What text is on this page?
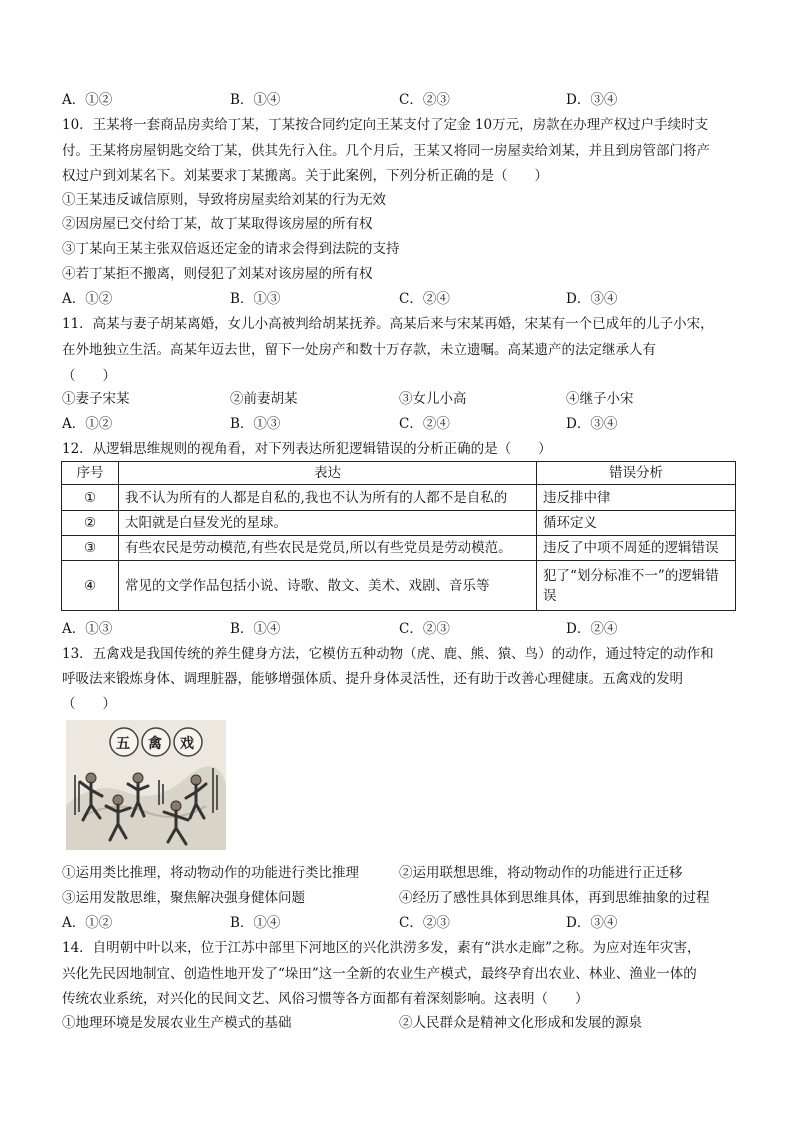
A．①②	B．①④	C．②③	D．③④
10．王某将一套商品房卖给丁某，丁某按合同约定向王某支付了定金 10万元，房款在办理产权过户手续时支
付。王某将房屋钥匙交给丁某，供其先行入住。几个月后，王某又将同一房屋卖给刘某，并且到房管部门将产
权过户到刘某名下。刘某要求丁某搬离。关于此案例，下列分析正确的是（　　）
①王某违反诚信原则，导致将房屋卖给刘某的行为无效
②因房屋已交付给丁某，故丁某取得该房屋的所有权
③丁某向王某主张双倍返还定金的请求会得到法院的支持
④若丁某拒不搬离，则侵犯了刘某对该房屋的所有权
A．①②	B．①③	C．②④	D．③④
11．高某与妻子胡某离婚，女儿小高被判给胡某抚养。高某后来与宋某再婚，宋某有一个已成年的儿子小宋，
在外地独立生活。高某年迈去世，留下一处房产和数十万存款，未立遗嘱。高某遗产的法定继承人有
（　　）
①妻子宋某	②前妻胡某	③女儿小高	④继子小宋
A．①②	B．①③	C．②④	D．③④
12．从逻辑思维规则的视角看，对下列表达所犯逻辑错误的分析正确的是（　　）
序号	表达	错误分析
①	我不认为所有的人都是自私的,我也不认为所有的人都不是自私的	违反排中律
②	太阳就是白昼发光的星球。	循环定义
③	有些农民是劳动模范,有些农民是党员,所以有些党员是劳动模范。	违反了中项不周延的逻辑错误
④	常见的文学作品包括小说、诗歌、散文、美术、戏剧、音乐等	犯了“划分标准不一”的逻辑错
误
A．①③	B．①④	C．②③	D．②④
13．五禽戏是我国传统的养生健身方法，它模仿五种动物（虎、鹿、熊、猿、鸟）的动作，通过特定的动作和
呼吸法来锻炼身体、调理脏器，能够增强体质、提升身体灵活性，还有助于改善心理健康。五禽戏的发明
（　　）
五 禽 戏
①运用类比推理，将动物动作的功能进行类比推理	②运用联想思维，将动物动作的功能进行正迁移
③运用发散思维，聚焦解决强身健体问题	④经历了感性具体到思维具体，再到思维抽象的过程
A．①②	B．①④	C．②③	D．③④
14．自明朝中叶以来，位于江苏中部里下河地区的兴化洪涝多发，素有“洪水走廊”之称。为应对连年灾害，
兴化先民因地制宜、创造性地开发了“垛田”这一全新的农业生产模式，最终孕育出农业、林业、渔业一体的
传统农业系统，对兴化的民间文艺、风俗习惯等各方面都有着深刻影响。这表明（　　）
①地理环境是发展农业生产模式的基础	②人民群众是精神文化形成和发展的源泉
